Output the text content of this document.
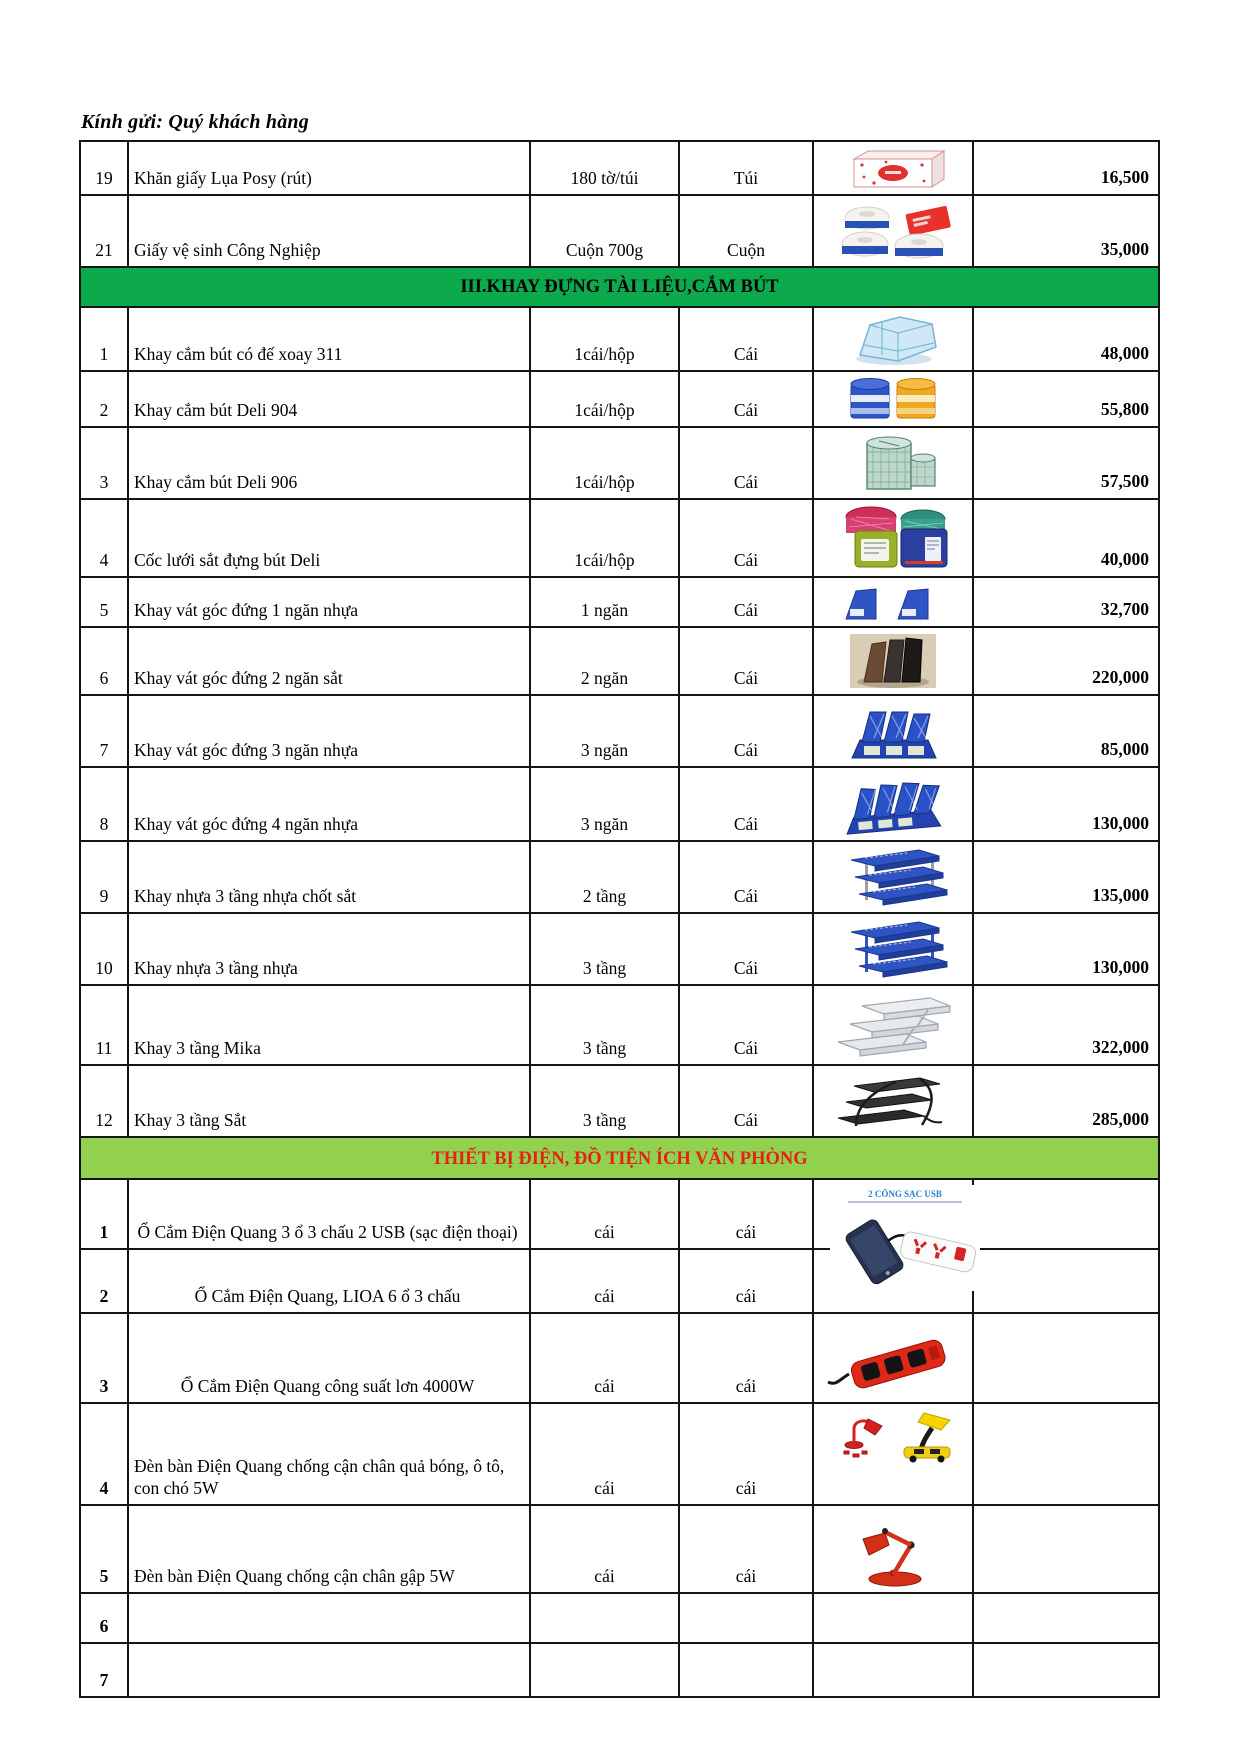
Kính gửi: Quý khách hàng
19	Khăn giấy Lụa Posy (rút)	180 tờ/túi	Túi		16,500
21	Giấy vệ sinh Công Nghiệp	Cuộn 700g	Cuộn		35,000
III.KHAY ĐỰNG TÀI LIỆU,CẮM BÚT					
1	Khay cắm bút có đế xoay 311	1cái/hộp	Cái		48,000
2	Khay cắm bút Deli 904	1cái/hộp	Cái		55,800
3	Khay cắm bút Deli 906	1cái/hộp	Cái		57,500
4	Cốc lưới sắt đựng bút Deli	1cái/hộp	Cái		40,000
5	Khay vát góc đứng 1 ngăn nhựa	1 ngăn	Cái		32,700
6	Khay vát góc đứng 2 ngăn sắt	2 ngăn	Cái		220,000
7	Khay vát góc đứng 3 ngăn nhựa	3 ngăn	Cái		85,000
8	Khay vát góc đứng 4 ngăn nhựa	3 ngăn	Cái		130,000
9	Khay nhựa 3 tầng nhựa chốt sắt	2 tầng	Cái		135,000
10	Khay nhựa 3 tầng nhựa	3 tầng	Cái		130,000
11	Khay 3 tầng Mika	3 tầng	Cái		322,000
12	Khay 3 tầng Sắt	3 tầng	Cái		285,000
THIẾT BỊ ĐIỆN, ĐỒ TIỆN ÍCH VĂN PHÒNG					
1	Ổ Cắm Điện Quang 3 ổ 3 chấu 2 USB (sạc điện thoại)	cái	cái	2 CỔNG SẠC USB	

2	Ổ Cắm Điện Quang, LIOA 6 ổ 3 chấu	cái	cái		
3	Ổ Cắm Điện Quang công suất lơn 4000W	cái	cái	

4	Đèn bàn Điện Quang chống cận chân quả bóng, ô tô, con chó 5W	cái	cái	

5	Đèn bàn Điện Quang chống cận chân gập 5W	cái	cái	

6					
7					
